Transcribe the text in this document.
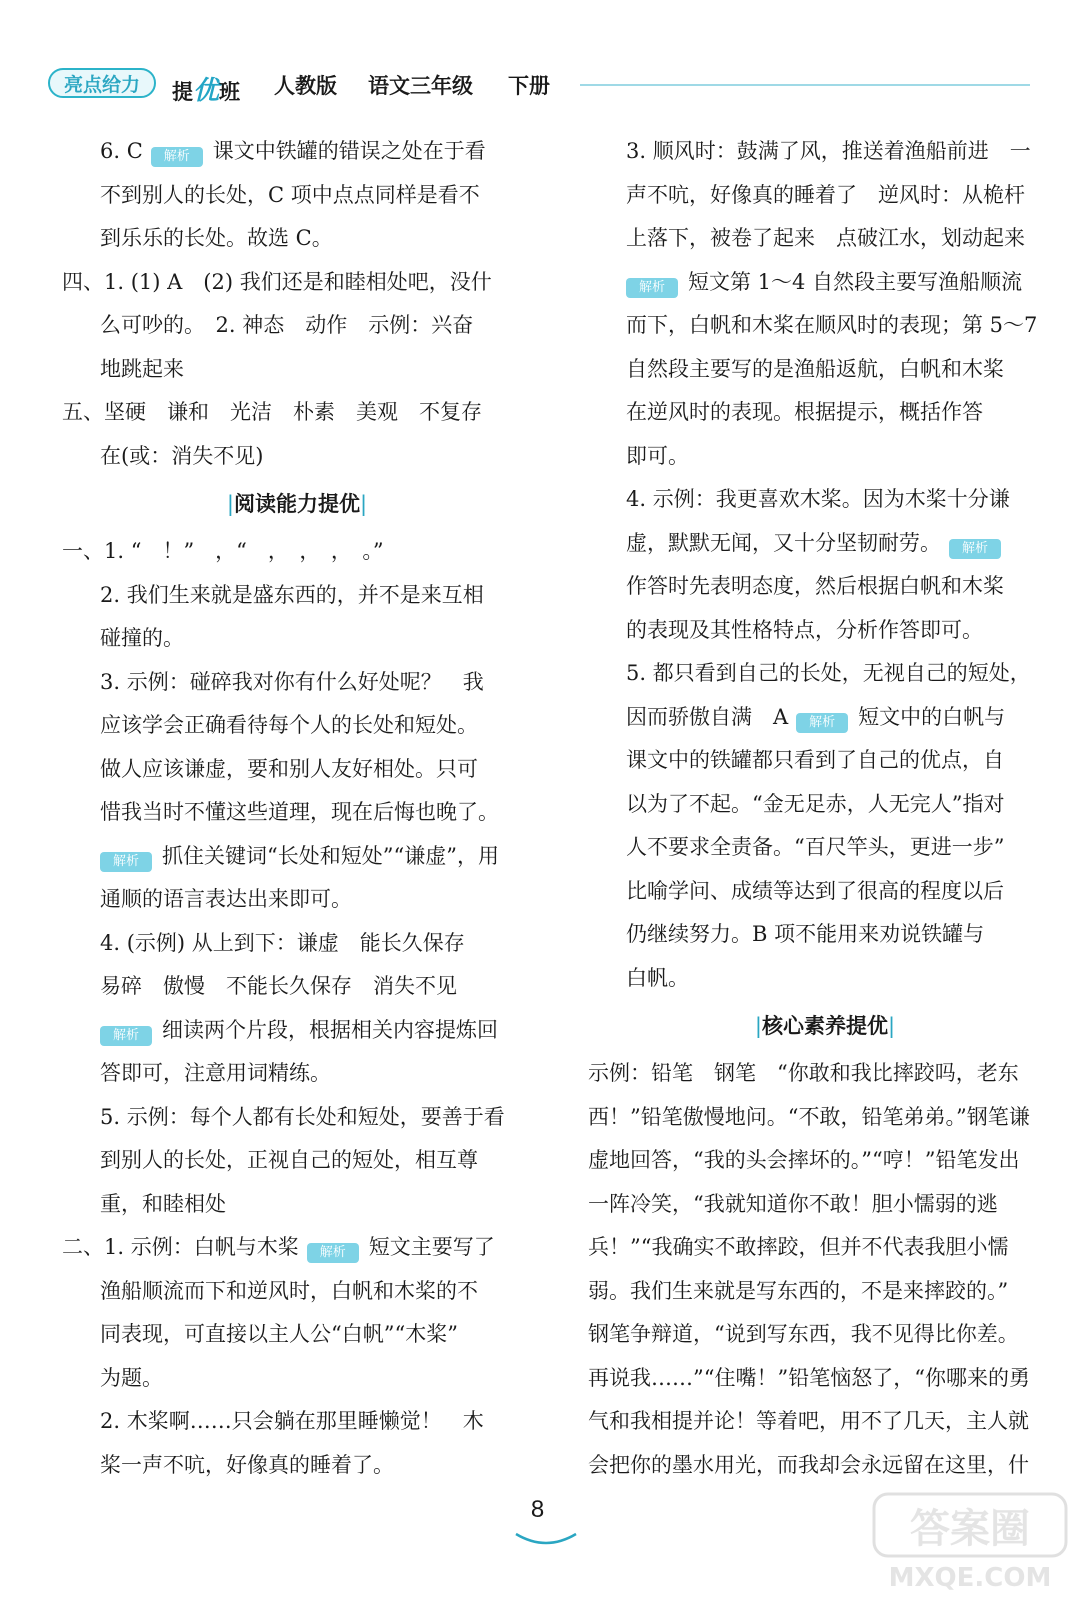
亮点给力	提优班 人教版 语文三年级 下册
6. C 解析 课文中铁罐的错误之处在于看
不到别人的长处，C 项中点点同样是看不
到乐乐的长处。故选 C。
四、1. (1) A　(2) 我们还是和睦相处吧，没什
么可吵的。　2. 神态　动作　示例：兴奋
地跳起来
五、坚硬　谦和　光洁　朴素　美观　不复存
在(或：消失不见)
|阅读能力提优|
一、1. “　！”　，“　，　，　，　。”
2. 我们生来就是盛东西的，并不是来互相
碰撞的。
3. 示例：碰碎我对你有什么好处呢？　我
应该学会正确看待每个人的长处和短处。
做人应该谦虚，要和别人友好相处。只可
惜我当时不懂这些道理，现在后悔也晚了。
解析 抓住关键词“长处和短处”“谦虚”，用
通顺的语言表达出来即可。
4. (示例) 从上到下：谦虚　能长久保存
易碎　傲慢　不能长久保存　消失不见
解析 细读两个片段，根据相关内容提炼回
答即可，注意用词精练。
5. 示例：每个人都有长处和短处，要善于看
到别人的长处，正视自己的短处，相互尊
重，和睦相处
二、1. 示例：白帆与木桨 解析 短文主要写了
渔船顺流而下和逆风时，白帆和木桨的不
同表现，可直接以主人公“白帆”“木桨”
为题。
2. 木桨啊……只会躺在那里睡懒觉！　木
桨一声不吭，好像真的睡着了。
3. 顺风时：鼓满了风，推送着渔船前进　一
声不吭，好像真的睡着了　逆风时：从桅杆
上落下，被卷了起来　点破江水，划动起来
解析 短文第 1～4 自然段主要写渔船顺流
而下，白帆和木桨在顺风时的表现；第 5～7
自然段主要写的是渔船返航，白帆和木桨
在逆风时的表现。根据提示，概括作答
即可。
4. 示例：我更喜欢木桨。因为木桨十分谦
虚，默默无闻，又十分坚韧耐劳。 解析
作答时先表明态度，然后根据白帆和木桨
的表现及其性格特点，分析作答即可。
5. 都只看到自己的长处，无视自己的短处，
因而骄傲自满　A 解析 短文中的白帆与
课文中的铁罐都只看到了自己的优点，自
以为了不起。“金无足赤，人无完人”指对
人不要求全责备。“百尺竿头，更进一步”
比喻学问、成绩等达到了很高的程度以后
仍继续努力。B 项不能用来劝说铁罐与
白帆。
|核心素养提优|
示例：铅笔　钢笔　“你敢和我比摔跤吗，老东
西！”铅笔傲慢地问。“不敢，铅笔弟弟。”钢笔谦
虚地回答，“我的头会摔坏的。”“哼！”铅笔发出
一阵冷笑，“我就知道你不敢！胆小懦弱的逃
兵！”“我确实不敢摔跤，但并不代表我胆小懦
弱。我们生来就是写东西的，不是来摔跤的。”
钢笔争辩道，“说到写东西，我不见得比你差。
再说我……”“住嘴！”铅笔恼怒了，“你哪来的勇
气和我相提并论！等着吧，用不了几天，主人就
会把你的墨水用光，而我却会永远留在这里，什
8	答案圈
MXQE.COM
